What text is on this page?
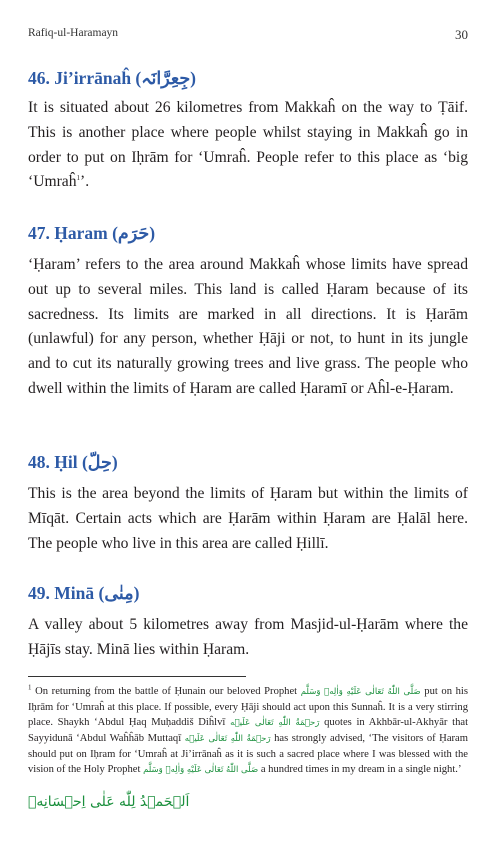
Rafiq-ul-Haramayn	30
46. Ji’irrānaĥ (جِعِرَّانَہ)

It is situated about 26 kilometres from Makkaĥ on the way to Ṭāif. This is another place where people whilst staying in Makkaĥ go in order to put on Iḥrām for ‘Umraĥ. People refer to this place as ‘big ‘Umraĥ$^1$’.

47. Ḥaram (حَرَم)

‘Ḥaram’ refers to the area around Makkaĥ whose limits have spread out up to several miles. This land is called Ḥaram because of its sacredness. Its limits are marked in all directions. It is Ḥarām (unlawful) for any person, whether Ḥāji or not, to hunt in its jungle and to cut its naturally growing trees and live grass. The people who dwell within the limits of Ḥaram are called Ḥaramī or Aĥl-e-Ḥaram.

48. Ḥil (حِلّ)

This is the area beyond the limits of Ḥaram but within the limits of Mīqāt. Certain acts which are Ḥarām within Ḥaram are Ḥalāl here. The people who live in this area are called Ḥillī.

49. Minā (مِنٰی)

A valley about 5 kilometres away from Masjid-ul-Ḥarām where the Ḥājīs stay. Minā lies within Ḥaram.

$^1$ On returning from the battle of Ḥunain our beloved Prophet صَلَّى اللّٰهُ تَعَالٰى عَلَيْهِ وَاٰلِهٖ وَسَلَّم put on his Iḥrām for ‘Umraĥ at this place. If possible, every Ḥāji should act upon this Sunnaĥ. It is a very stirring place. Shaykh ‘Abdul Ḥaq Muḥaddiš Diĥlvī رَحۡمَةُ اللّٰهِ تَعَالٰى عَلَيۡه quotes in Akhbār-ul-Akhyār that Sayyidunā ‘Abdul Waĥĥāb Muttaqī رَحۡمَةُ اللّٰهِ تَعَالٰى عَلَيۡه has strongly advised, ‘The visitors of Ḥaram should put on Iḥram for ‘Umraĥ at Ji’irrānaĥ as it is such a sacred place where I was blessed with the vision of the Holy Prophet صَلَّى اللّٰهُ تَعَالٰى عَلَيْهِ وَاٰلِهٖ وَسَلَّم a hundred times in my dream in a single night.’

اَلۡحَمۡدُ لِلّٰه عَلٰى اِحۡسَانِهٖ
